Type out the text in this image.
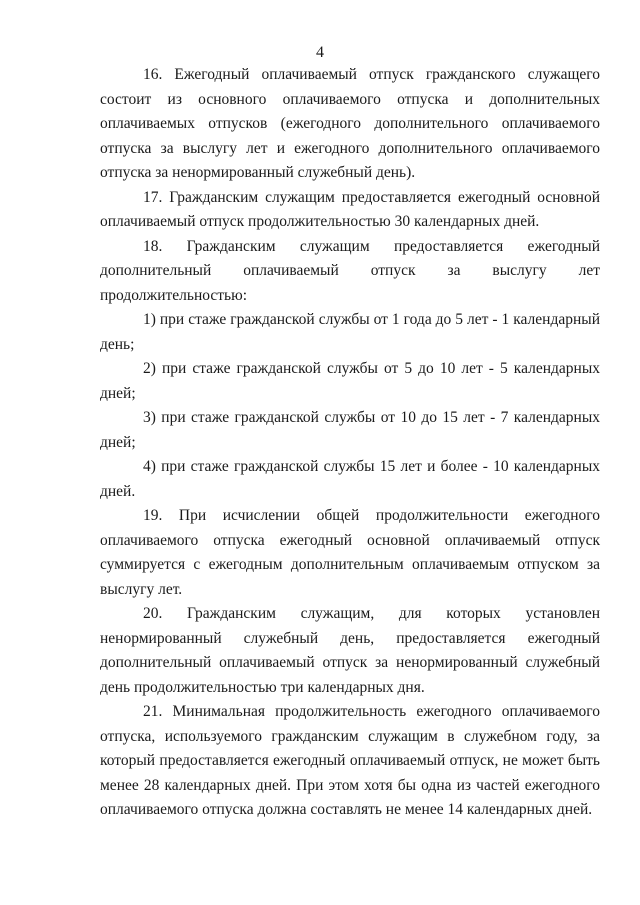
4

16. Ежегодный оплачиваемый отпуск гражданского служащего состоит из основного оплачиваемого отпуска и дополнительных оплачиваемых отпусков (ежегодного дополнительного оплачиваемого отпуска за выслугу лет и ежегодного дополнительного оплачиваемого отпуска за ненормированный служебный день).

17. Гражданским служащим предоставляется ежегодный основной оплачиваемый отпуск продолжительностью 30 календарных дней.

18. Гражданским служащим предоставляется ежегодный дополнительный оплачиваемый отпуск за выслугу лет продолжительностью:

1) при стаже гражданской службы от 1 года до 5 лет - 1 календарный день;

2) при стаже гражданской службы от 5 до 10 лет - 5 календарных дней;

3) при стаже гражданской службы от 10 до 15 лет - 7 календарных дней;

4) при стаже гражданской службы 15 лет и более - 10 календарных дней.

19. При исчислении общей продолжительности ежегодного оплачиваемого отпуска ежегодный основной оплачиваемый отпуск суммируется с ежегодным дополнительным оплачиваемым отпуском за выслугу лет.

20. Гражданским служащим, для которых установлен ненормированный служебный день, предоставляется ежегодный дополнительный оплачиваемый отпуск за ненормированный служебный день продолжительностью три календарных дня.

21. Минимальная продолжительность ежегодного оплачиваемого отпуска, используемого гражданским служащим в служебном году, за который предоставляется ежегодный оплачиваемый отпуск, не может быть менее 28 календарных дней. При этом хотя бы одна из частей ежегодного оплачиваемого отпуска должна составлять не менее 14 календарных дней.
